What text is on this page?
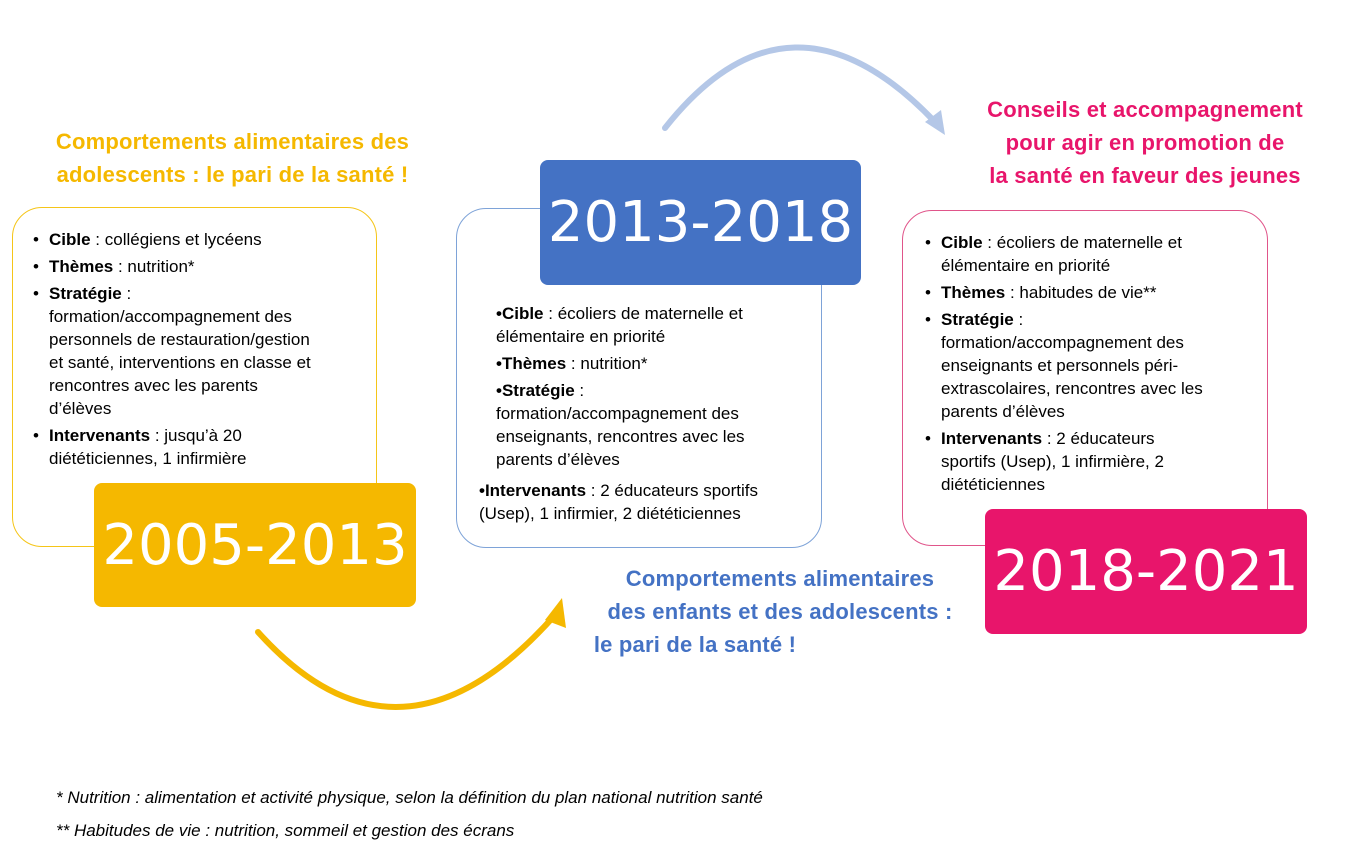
Comportements alimentaires des
adolescents : le pari de la santé !
• Cible : collégiens et lycéens
• Thèmes : nutrition*
• Stratégie :
formation/accompagnement des
personnels de restauration/gestion
et santé, interventions en classe et
rencontres avec les parents
d’élèves
• Intervenants : jusqu’à 20
diététiciennes, 1 infirmière
2005-2013
2013-2018
•Cible : écoliers de maternelle et
élémentaire en priorité
•Thèmes : nutrition*
•Stratégie :
formation/accompagnement des
enseignants, rencontres avec les
parents d’élèves
•Intervenants : 2 éducateurs sportifs
(Usep), 1 infirmier, 2 diététiciennes
Comportements alimentaires
des enfants et des adolescents :
le pari de la santé !
Conseils et accompagnement
pour agir en promotion de
la santé en faveur des jeunes
• Cible : écoliers de maternelle et
élémentaire en priorité
• Thèmes : habitudes de vie**
• Stratégie :
formation/accompagnement des
enseignants et personnels péri-
extrascolaires, rencontres avec les
parents d’élèves
• Intervenants : 2 éducateurs
sportifs (Usep), 1 infirmière, 2
diététiciennes
2018-2021
* Nutrition : alimentation et activité physique, selon la définition du plan national nutrition santé
** Habitudes de vie : nutrition, sommeil et gestion des écrans
